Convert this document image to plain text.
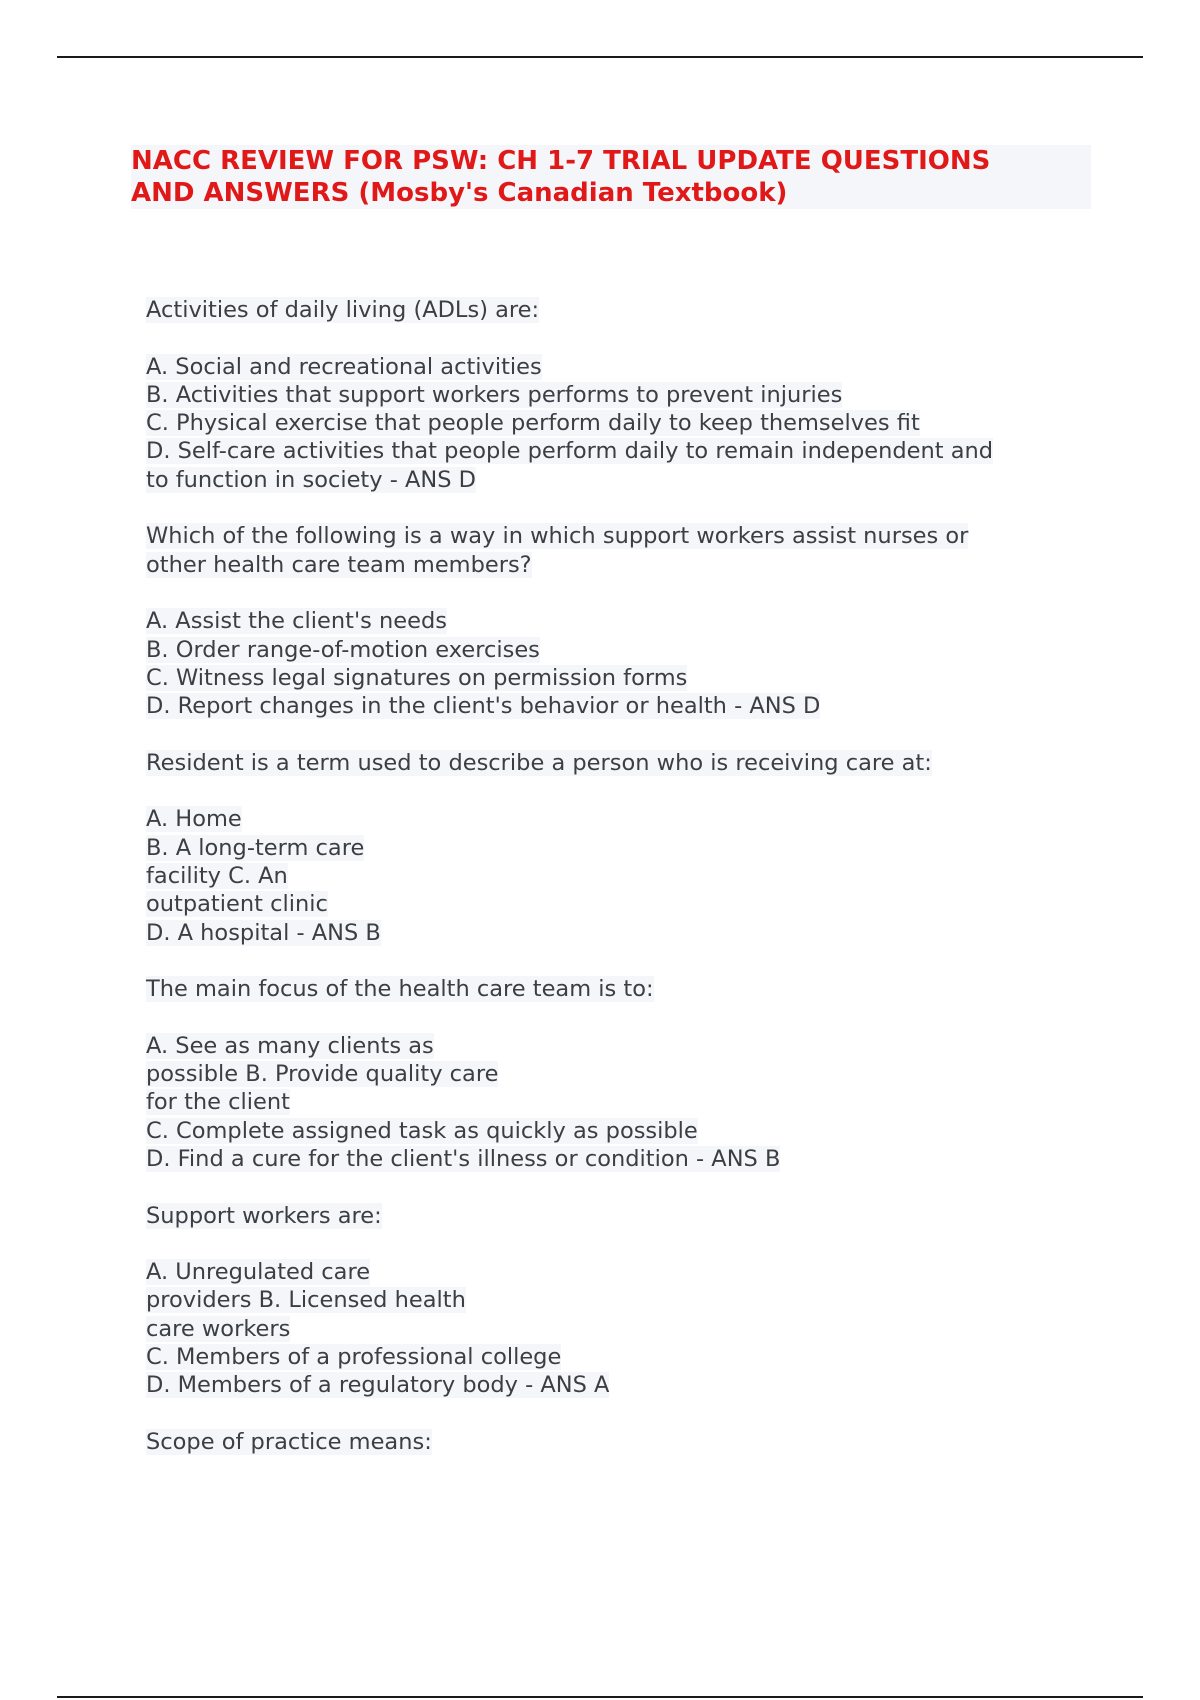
NACC REVIEW FOR PSW: CH 1-7 TRIAL UPDATE QUESTIONS
AND ANSWERS (Mosby's Canadian Textbook)
Activities of daily living (ADLs) are:
A. Social and recreational activities
B. Activities that support workers performs to prevent injuries
C. Physical exercise that people perform daily to keep themselves fit
D. Self-care activities that people perform daily to remain independent and
to function in society - ANS D
Which of the following is a way in which support workers assist nurses or
other health care team members?
A. Assist the client's needs
B. Order range-of-motion exercises
C. Witness legal signatures on permission forms
D. Report changes in the client's behavior or health - ANS D
Resident is a term used to describe a person who is receiving care at:
A. Home
B. A long-term care
facility C. An
outpatient clinic
D. A hospital - ANS B
The main focus of the health care team is to:
A. See as many clients as
possible B. Provide quality care
for the client
C. Complete assigned task as quickly as possible
D. Find a cure for the client's illness or condition - ANS B
Support workers are:
A. Unregulated care
providers B. Licensed health
care workers
C. Members of a professional college
D. Members of a regulatory body - ANS A
Scope of practice means:
